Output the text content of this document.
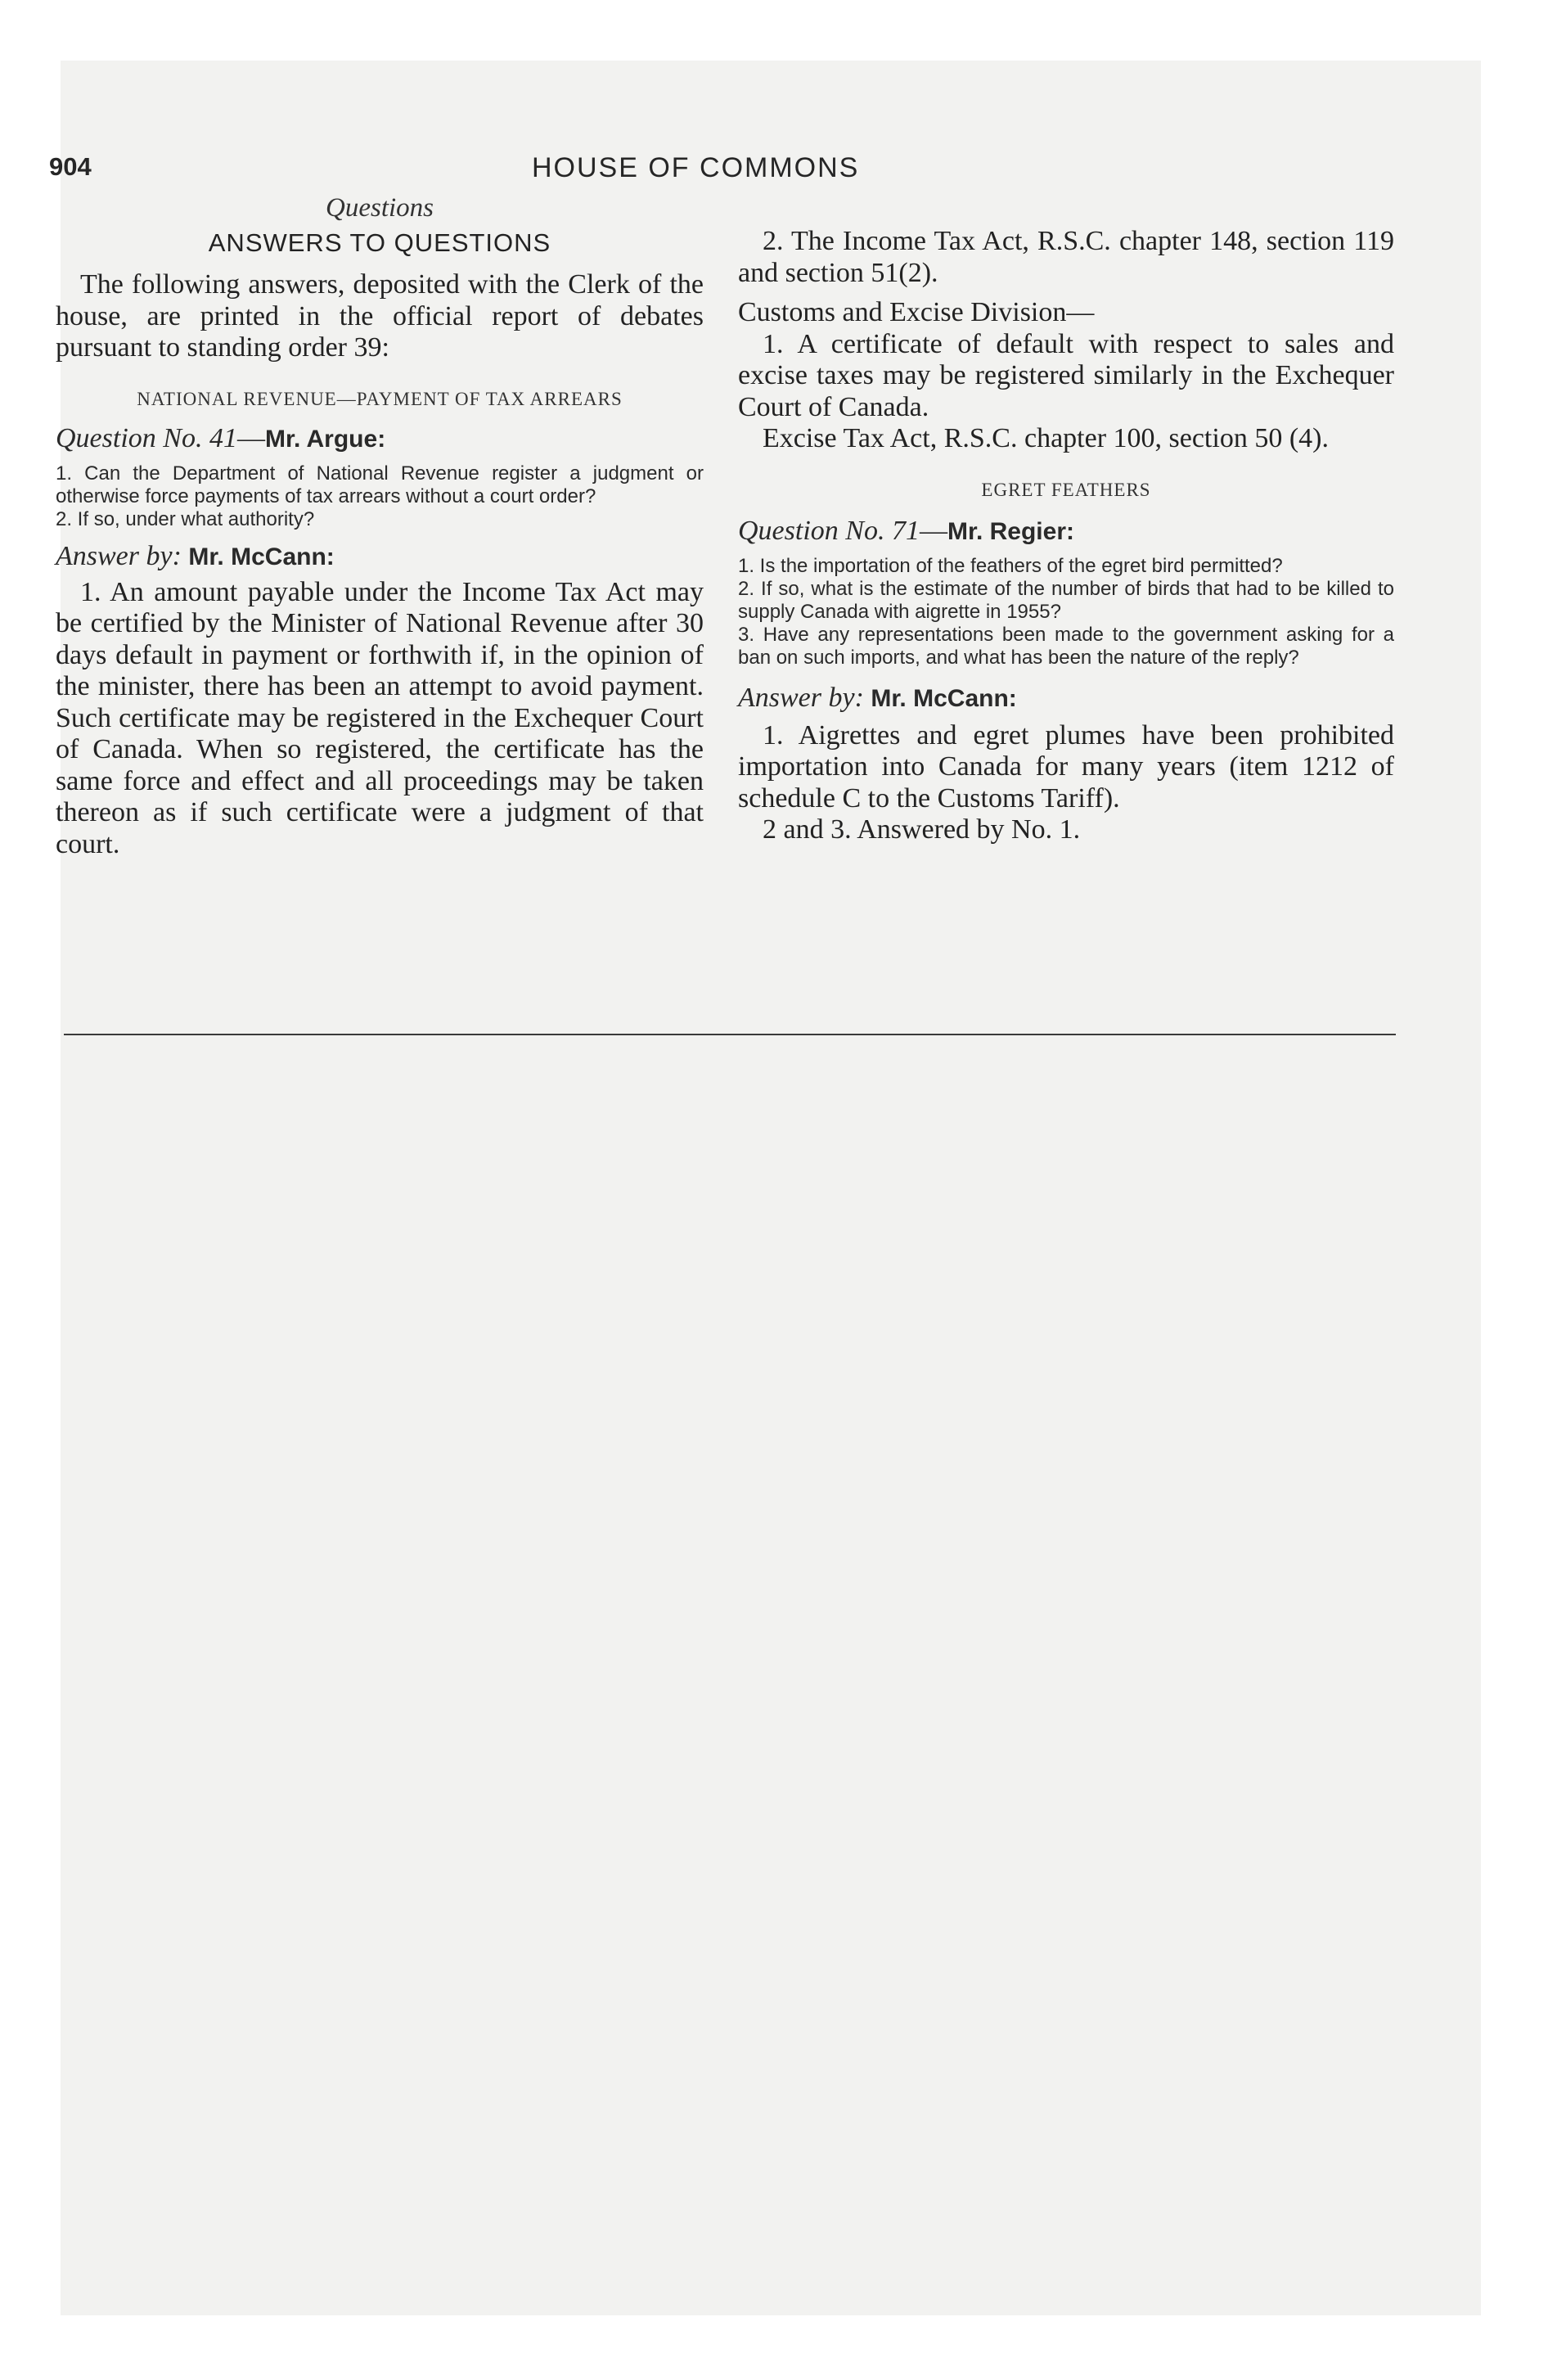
904	HOUSE OF COMMONS

Questions

ANSWERS TO QUESTIONS

The following answers, deposited with the Clerk of the house, are printed in the official report of debates pursuant to standing order 39:

NATIONAL REVENUE—PAYMENT OF TAX ARREARS

Question No. 41—Mr. Argue:

1. Can the Department of National Revenue register a judgment or otherwise force payments of tax arrears without a court order?

2. If so, under what authority?

Answer by: Mr. McCann:

1. An amount payable under the Income Tax Act may be certified by the Minister of National Revenue after 30 days default in payment or forthwith if, in the opinion of the minister, there has been an attempt to avoid payment. Such certificate may be registered in the Exchequer Court of Canada. When so registered, the certificate has the same force and effect and all proceedings may be taken thereon as if such certificate were a judgment of that court.

2. The Income Tax Act, R.S.C. chapter 148, section 119 and section 51(2).

Customs and Excise Division—

1. A certificate of default with respect to sales and excise taxes may be registered similarly in the Exchequer Court of Canada.

Excise Tax Act, R.S.C. chapter 100, section 50 (4).

EGRET FEATHERS

Question No. 71—Mr. Regier:

1. Is the importation of the feathers of the egret bird permitted?

2. If so, what is the estimate of the number of birds that had to be killed to supply Canada with aigrette in 1955?

3. Have any representations been made to the government asking for a ban on such imports, and what has been the nature of the reply?

Answer by: Mr. McCann:

1. Aigrettes and egret plumes have been prohibited importation into Canada for many years (item 1212 of schedule C to the Customs Tariff).

2 and 3. Answered by No. 1.
